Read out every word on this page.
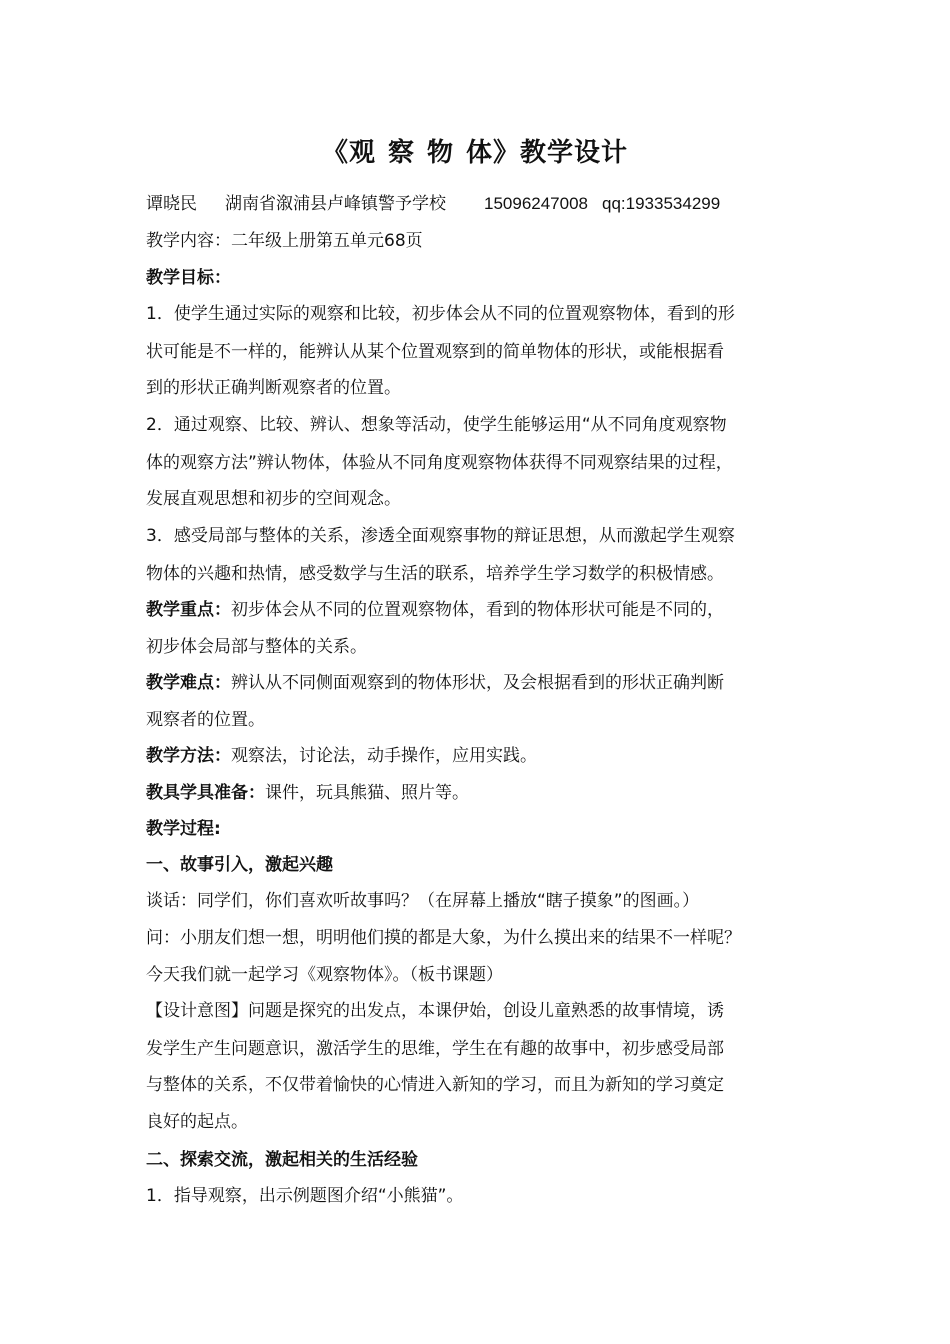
《观 察 物 体》教学设计
谭晓民 湖南省溆浦县卢峰镇警予学校 15096247008 qq:1933534299
教学内容：二年级上册第五单元68页
教学目标：
1．使学生通过实际的观察和比较，初步体会从不同的位置观察物体，看到的形
状可能是不一样的，能辨认从某个位置观察到的简单物体的形状，或能根据看
到的形状正确判断观察者的位置。
2．通过观察、比较、辨认、想象等活动，使学生能够运用“从不同角度观察物
体的观察方法”辨认物体，体验从不同角度观察物体获得不同观察结果的过程，
发展直观思想和初步的空间观念。
3．感受局部与整体的关系，渗透全面观察事物的辩证思想，从而激起学生观察
物体的兴趣和热情，感受数学与生活的联系，培养学生学习数学的积极情感。
教学重点：初步体会从不同的位置观察物体，看到的物体形状可能是不同的，
初步体会局部与整体的关系。
教学难点：辨认从不同侧面观察到的物体形状，及会根据看到的形状正确判断
观察者的位置。
教学方法：观察法，讨论法，动手操作，应用实践。
教具学具准备：课件，玩具熊猫、照片等。
教学过程:
一、故事引入，激起兴趣
谈话：同学们，你们喜欢听故事吗？（在屏幕上播放“瞎子摸象”的图画。）
问：小朋友们想一想，明明他们摸的都是大象，为什么摸出来的结果不一样呢？
今天我们就一起学习《观察物体》。（板书课题）
【设计意图】问题是探究的出发点，本课伊始，创设儿童熟悉的故事情境，诱
发学生产生问题意识，激活学生的思维，学生在有趣的故事中，初步感受局部
与整体的关系，不仅带着愉快的心情进入新知的学习，而且为新知的学习奠定
良好的起点。
二、探索交流，激起相关的生活经验
1．指导观察，出示例题图介绍“小熊猫”。
